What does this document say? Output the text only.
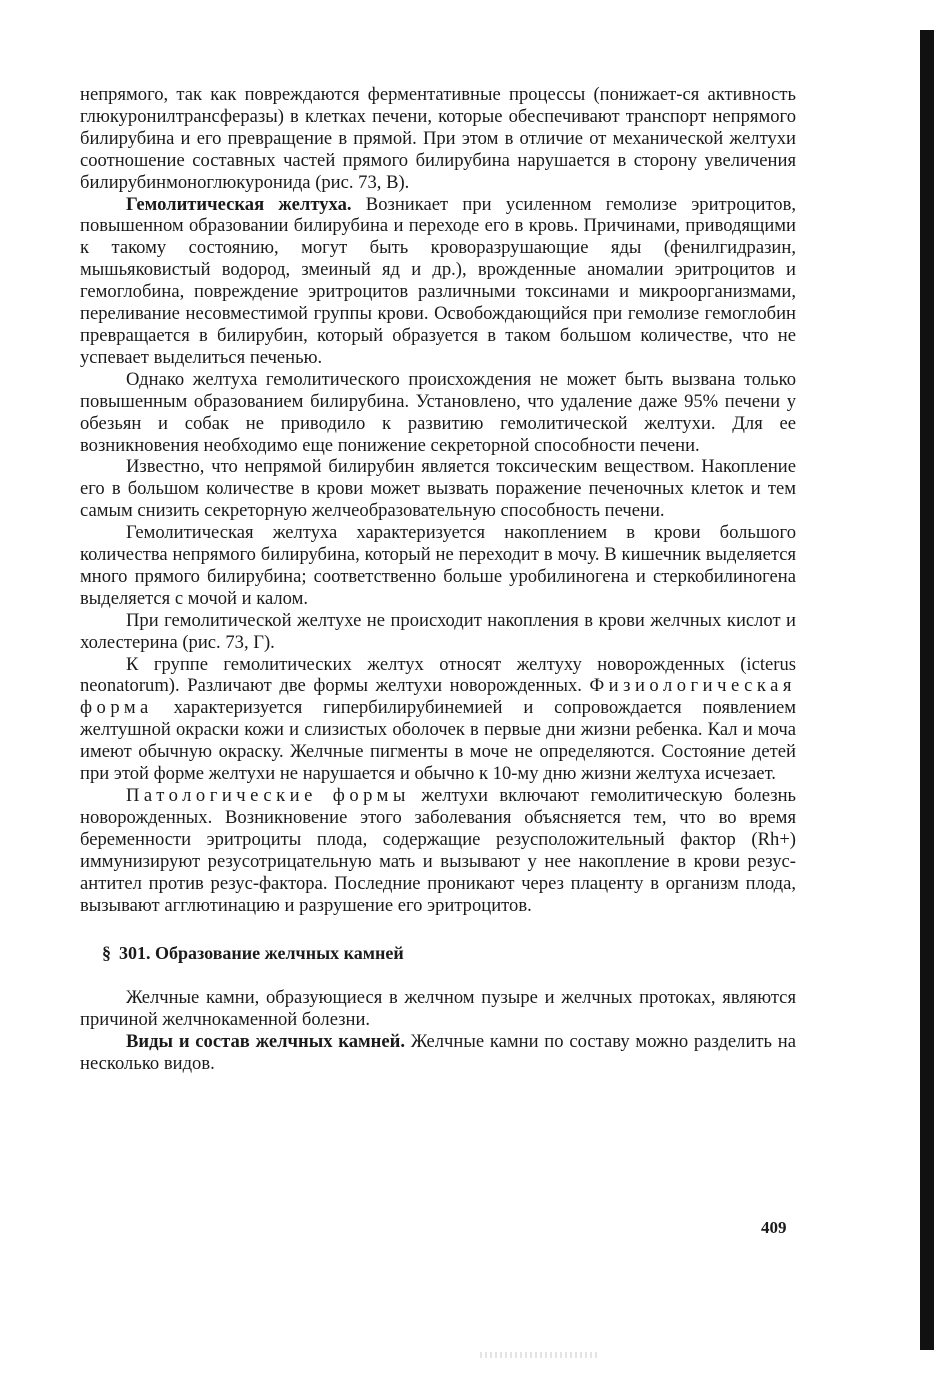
непрямого, так как повреждаются ферментативные процессы (понижает-ся активность глюкуронилтрансферазы) в клетках печени, которые обеспечивают транспорт непрямого билирубина и его превращение в прямой. При этом в отличие от механической желтухи соотношение составных частей прямого билирубина нарушается в сторону увеличения билирубинмоноглюкуронида (рис. 73, В).

Гемолитическая желтуха. Возникает при усиленном гемолизе эритроцитов, повышенном образовании билирубина и переходе его в кровь. Причинами, приводящими к такому состоянию, могут быть кроворазрушающие яды (фенилгидразин, мышьяковистый водород, змеиный яд и др.), врожденные аномалии эритроцитов и гемоглобина, повреждение эритроцитов различными токсинами и микроорганизмами, переливание несовместимой группы крови. Освобождающийся при гемолизе гемоглобин превращается в билирубин, который образуется в таком большом количестве, что не успевает выделиться печенью.

Однако желтуха гемолитического происхождения не может быть вызвана только повышенным образованием билирубина. Установлено, что удаление даже 95% печени у обезьян и собак не приводило к развитию гемолитической желтухи. Для ее возникновения необходимо еще понижение секреторной способности печени.

Известно, что непрямой билирубин является токсическим веществом. Накопление его в большом количестве в крови может вызвать поражение печеночных клеток и тем самым снизить секреторную желчеобразовательную способность печени.

Гемолитическая желтуха характеризуется накоплением в крови большого количества непрямого билирубина, который не переходит в мочу. В кишечник выделяется много прямого билирубина; соответственно больше уробилиногена и стеркобилиногена выделяется с мочой и калом.

При гемолитической желтухе не происходит накопления в крови желчных кислот и холестерина (рис. 73, Г).

К группе гемолитических желтух относят желтуху новорожденных (icterus neonatorum). Различают две формы желтухи новорожденных. Физиологическая форма характеризуется гипербилирубинемией и сопровождается появлением желтушной окраски кожи и слизистых оболочек в первые дни жизни ребенка. Кал и моча имеют обычную окраску. Желчные пигменты в моче не определяются. Состояние детей при этой форме желтухи не нарушается и обычно к 10-му дню жизни желтуха исчезает.

Патологические формы желтухи включают гемолитическую болезнь новорожденных. Возникновение этого заболевания объясняется тем, что во время беременности эритроциты плода, содержащие резусположительный фактор (Rh+) иммунизируют резусотрицательную мать и вызывают у нее накопление в крови резус-антител против резус-фактора. Последние проникают через плаценту в организм плода, вызывают агглютинацию и разрушение его эритроцитов.

§ 301. Образование желчных камней

Желчные камни, образующиеся в желчном пузыре и желчных протоках, являются причиной желчнокаменной болезни.

Виды и состав желчных камней. Желчные камни по составу можно разделить на несколько видов.

409
